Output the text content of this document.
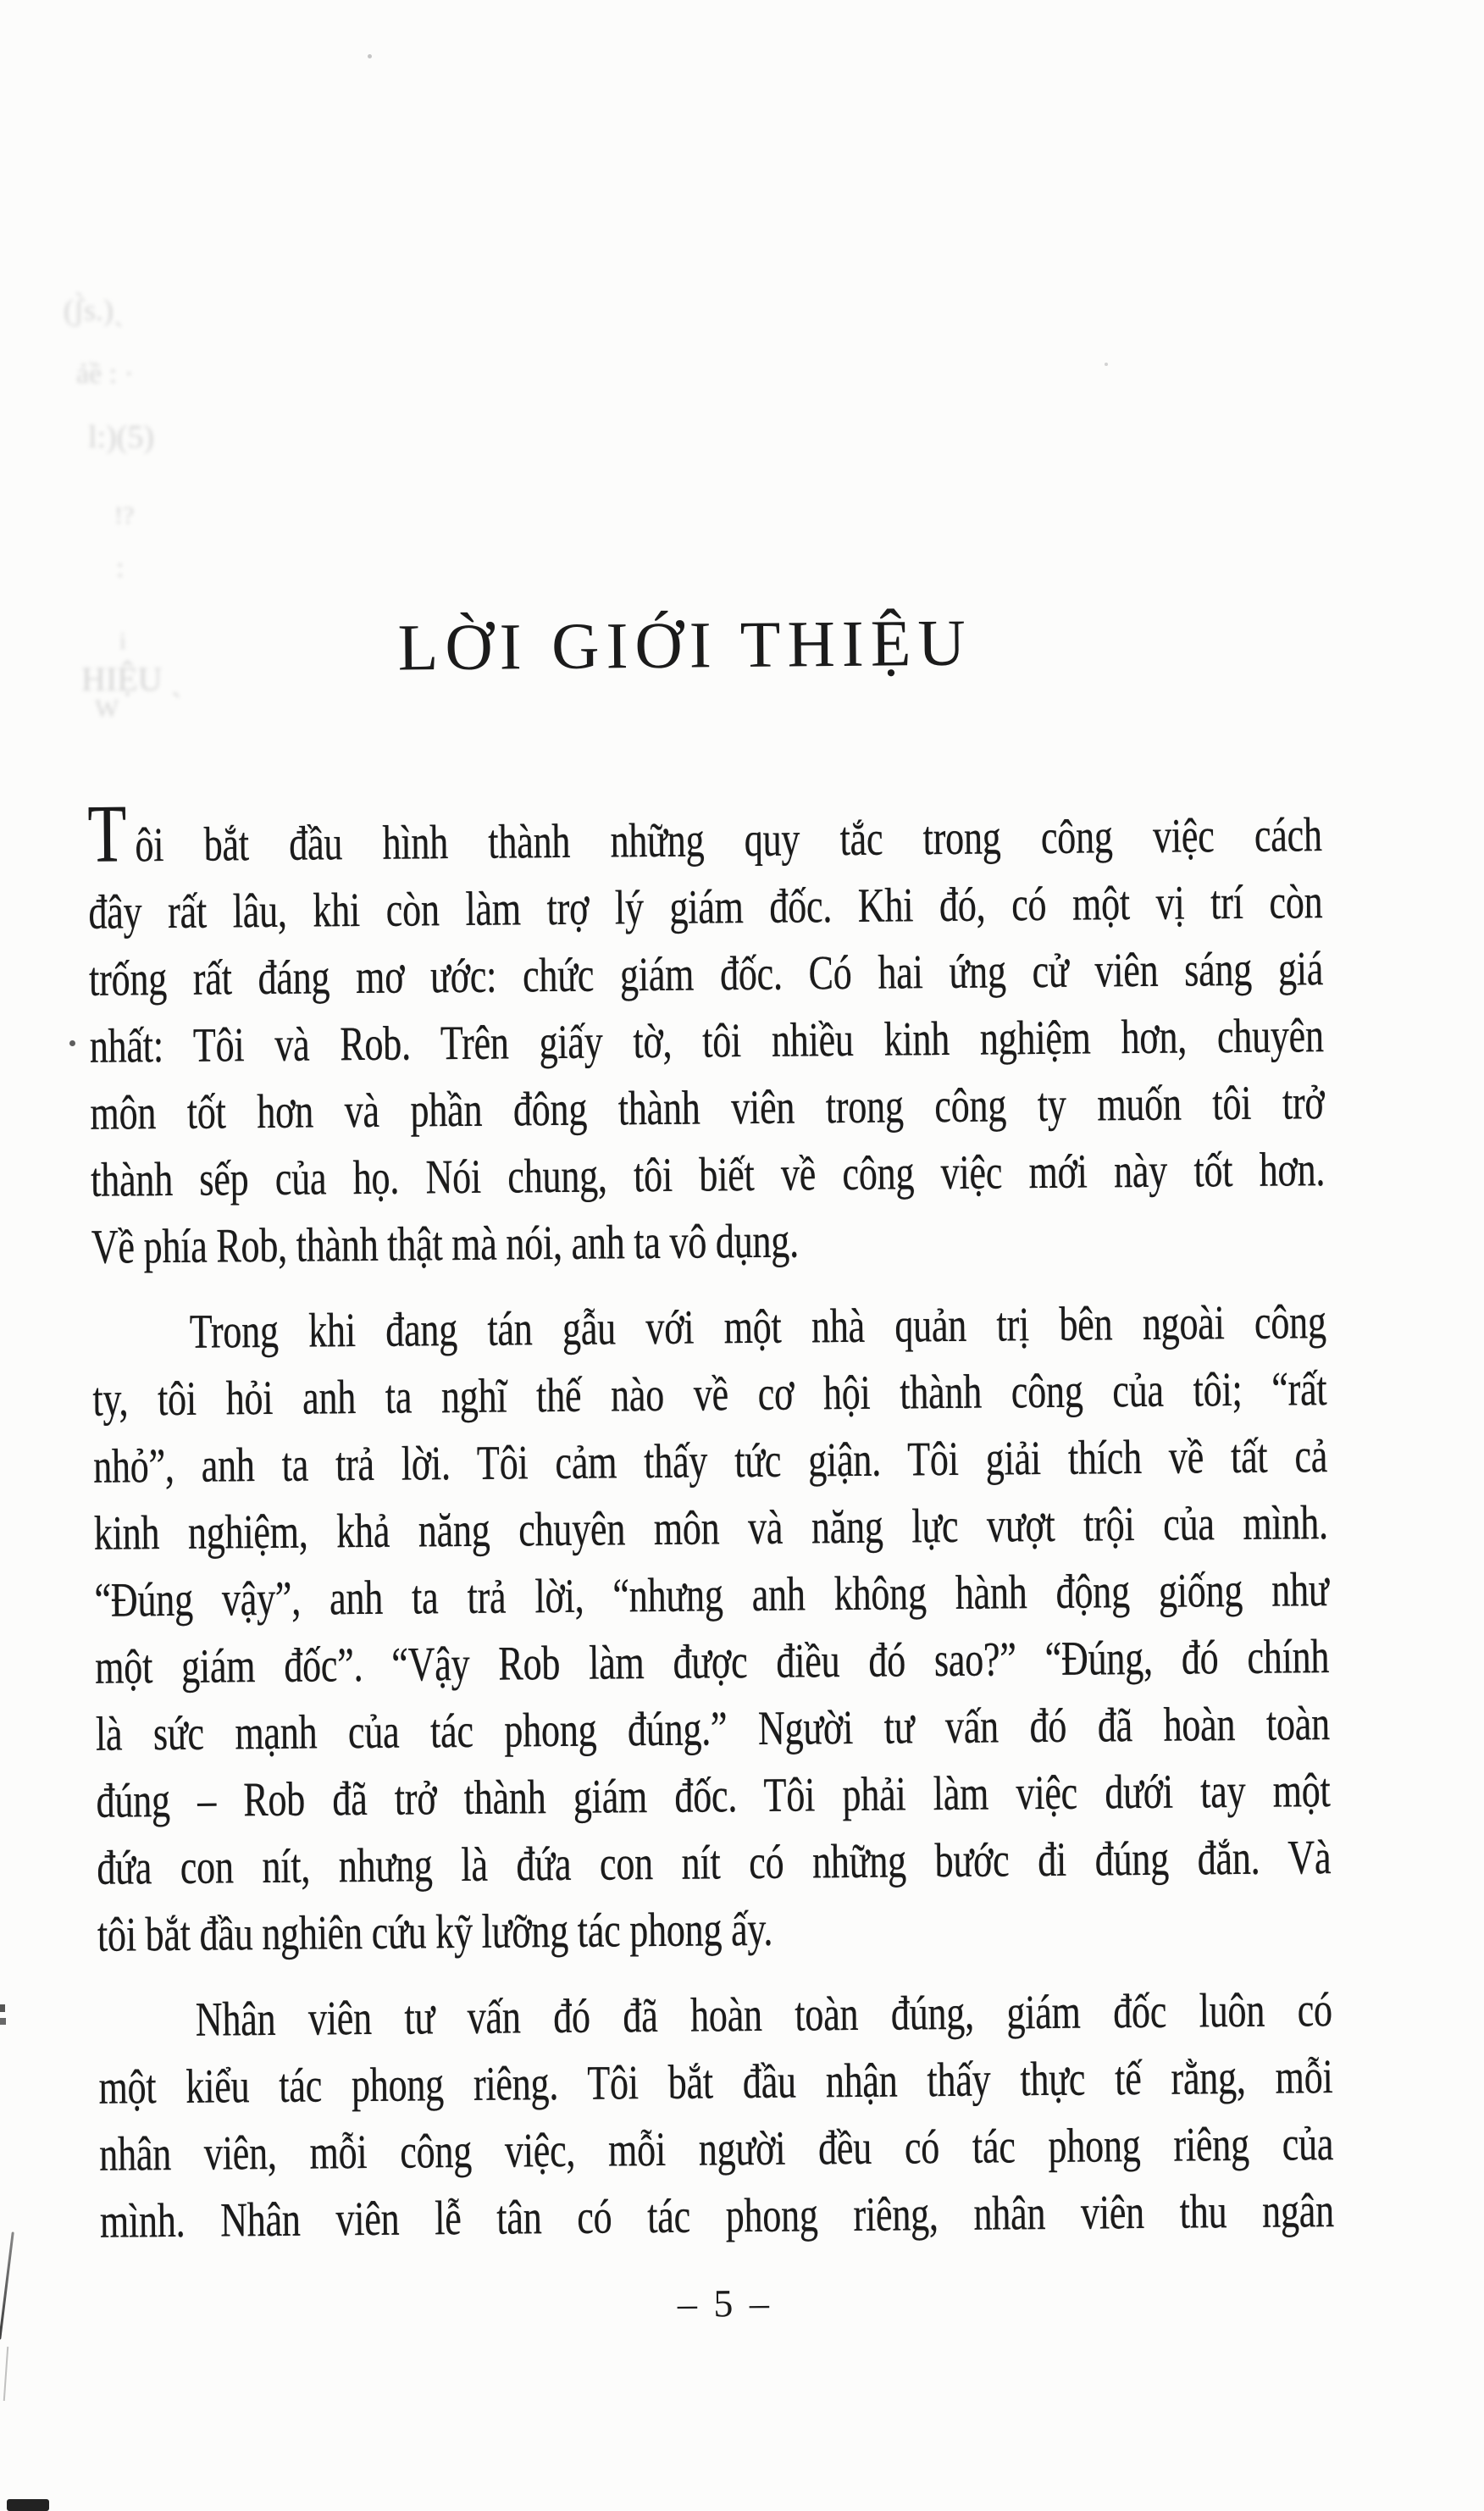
(ʃ̀s.)ˎ
ảề : ·
l:)(5)
!?
:
i
HIỆU ˎ
W
LỜI GIỚI THIỆU
Tôi bắt đầu hình thành những quy tắc trong công việc cách
đây rất lâu, khi còn làm trợ lý giám đốc. Khi đó, có một vị trí còn
trống rất đáng mơ ước: chức giám đốc. Có hai ứng cử viên sáng giá
nhất: Tôi và Rob. Trên giấy tờ, tôi nhiều kinh nghiệm hơn, chuyên
môn tốt hơn và phần đông thành viên trong công ty muốn tôi trở
thành sếp của họ. Nói chung, tôi biết về công việc mới này tốt hơn.
Về phía Rob, thành thật mà nói, anh ta vô dụng.
Trong khi đang tán gẫu với một nhà quản trị bên ngoài công
ty, tôi hỏi anh ta nghĩ thế nào về cơ hội thành công của tôi; “rất
nhỏ”, anh ta trả lời. Tôi cảm thấy tức giận. Tôi giải thích về tất cả
kinh nghiệm, khả năng chuyên môn và năng lực vượt trội của mình.
“Đúng vậy”, anh ta trả lời, “nhưng anh không hành động giống như
một giám đốc”. “Vậy Rob làm được điều đó sao?” “Đúng, đó chính
là sức mạnh của tác phong đúng.” Người tư vấn đó đã hoàn toàn
đúng – Rob đã trở thành giám đốc. Tôi phải làm việc dưới tay một
đứa con nít, nhưng là đứa con nít có những bước đi đúng đắn. Và
tôi bắt đầu nghiên cứu kỹ lưỡng tác phong ấy.
Nhân viên tư vấn đó đã hoàn toàn đúng, giám đốc luôn có
một kiểu tác phong riêng. Tôi bắt đầu nhận thấy thực tế rằng, mỗi
nhân viên, mỗi công việc, mỗi người đều có tác phong riêng của
mình. Nhân viên lễ tân có tác phong riêng, nhân viên thu ngân
– 5 –
